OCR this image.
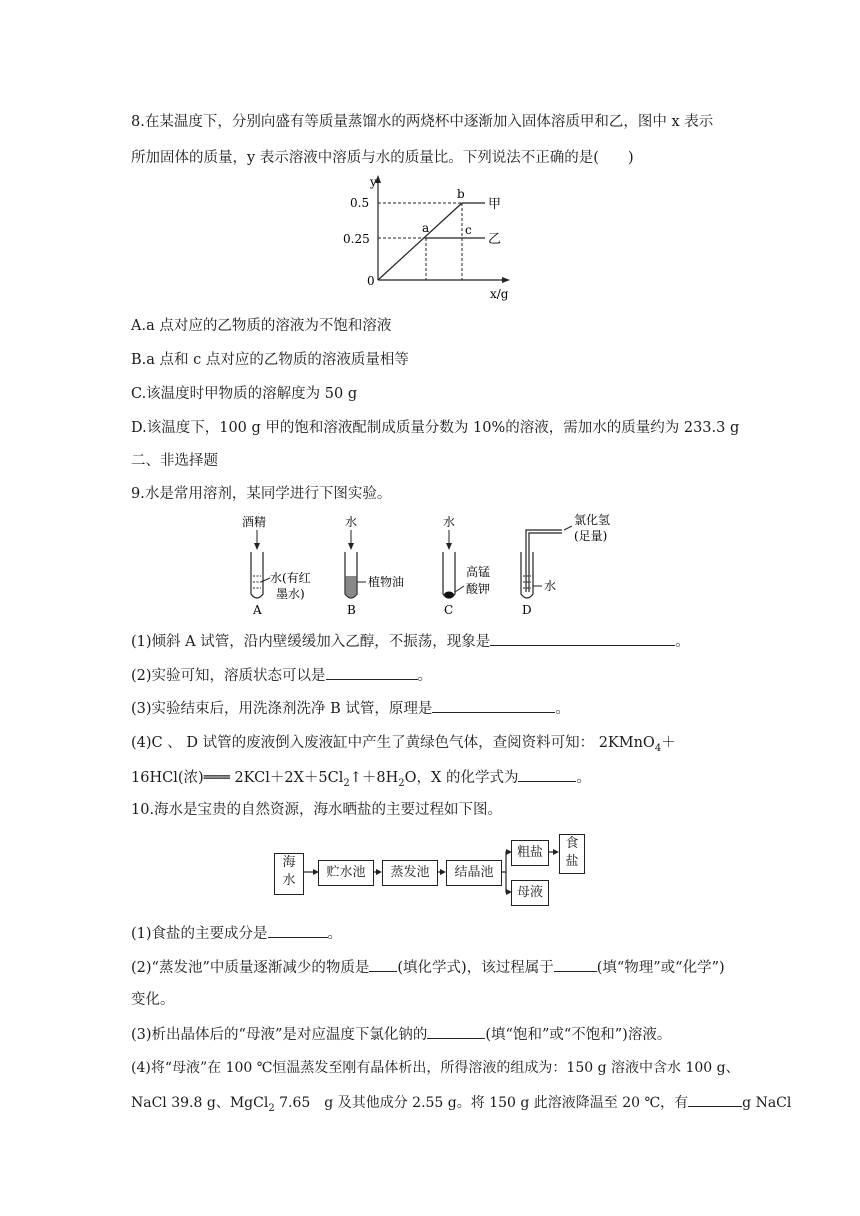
8.在某温度下，分别向盛有等质量蒸馏水的两烧杯中逐渐加入固体溶质甲和乙，图中 x 表示
所加固体的质量，y 表示溶液中溶质与水的质量比。下列说法不正确的是(　　)
y
x/g
0
0.5
0.25
a
b
c
甲
乙
A.a 点对应的乙物质的溶液为不饱和溶液
B.a 点和 c 点对应的乙物质的溶液质量相等
C.该温度时甲物质的溶解度为 50 g
D.该温度下，100 g 甲的饱和溶液配制成质量分数为 10%的溶液，需加水的质量约为 233.3 g
二、非选择题
9.水是常用溶剂，某同学进行下图实验。
酒精
水(有红
墨水)
A
水
植物油
B
水
高锰
酸钾
C
氯化氢
(足量)
水
D
(1)倾斜 A 试管，沿内壁缓缓加入乙醇，不振荡，现象是	。
(2)实验可知，溶质状态可以是	。
(3)实验结束后，用洗涤剂洗净 B 试管，原理是	。
(4)C 、 D 试管的废液倒入废液缸中产生了黄绿色气体，查阅资料可知： 2KMnO$_4$＋
16HCl(浓)═══ $2KCl+2X+5Cl_2↑+8H_2O$，X 的化学式为	。
10.海水是宝贵的自然资源，海水晒盐的主要过程如下图。
海水
贮水池	蒸发池	结晶池
粗盐
母液
食盐
(1)食盐的主要成分是	。
(2)“蒸发池”中质量逐渐减少的物质是 (填化学式)，该过程属于	(填“物理”或“化学”)
变化。
(3)析出晶体后的“母液”是对应温度下氯化钠的	(填“饱和”或“不饱和”)溶液。
(4)将“母液”在 100 ℃恒温蒸发至刚有晶体析出，所得溶液的组成为：150 g 溶液中含水 100 g、
NaCl 39.8 g、MgCl$_2$ 7.65　g 及其他成分 2.55 g。将 150 g 此溶液降温至 20 ℃，有	g NaCl
